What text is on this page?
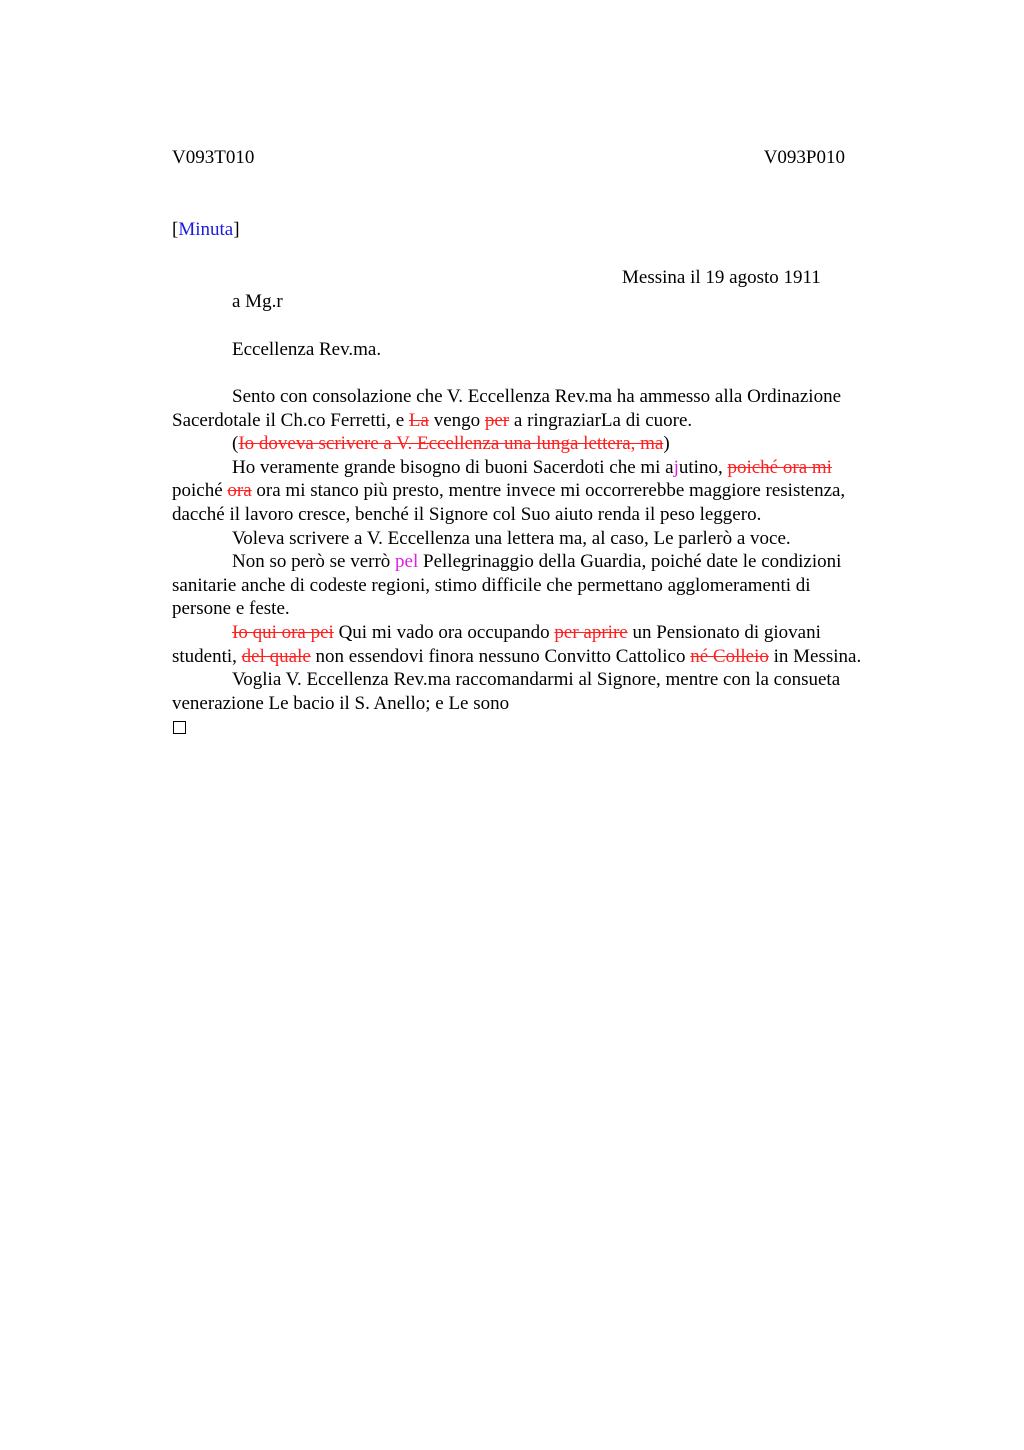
V093T010	V093P010
[Minuta]
Messina il 19 agosto 1911
a Mg.r
Eccellenza Rev.ma.

Sento con consolazione che V. Eccellenza Rev.ma ha ammesso alla Ordinazione
Sacerdotale il Ch.co Ferretti, e La vengo per a ringraziarLa di cuore.

(Io doveva scrivere a V. Eccellenza una lunga lettera, ma)

Ho veramente grande bisogno di buoni Sacerdoti che mi ajutino, poiché ora mi
poiché ora ora mi stanco più presto, mentre invece mi occorrerebbe maggiore resistenza,
dacché il lavoro cresce, benché il Signore col Suo aiuto renda il peso leggero.

Voleva scrivere a V. Eccellenza una lettera ma, al caso, Le parlerò a voce.

Non so però se verrò pel Pellegrinaggio della Guardia, poiché date le condizioni
sanitarie anche di codeste regioni, stimo difficile che permettano agglomeramenti di
persone e feste.

Io qui ora pei Qui mi vado ora occupando per aprire un Pensionato di giovani
studenti, del quale non essendovi finora nessuno Convitto Cattolico né Colleio in Messina.

Voglia V. Eccellenza Rev.ma raccomandarmi al Signore, mentre con la consueta
venerazione Le bacio il S. Anello; e Le sono
